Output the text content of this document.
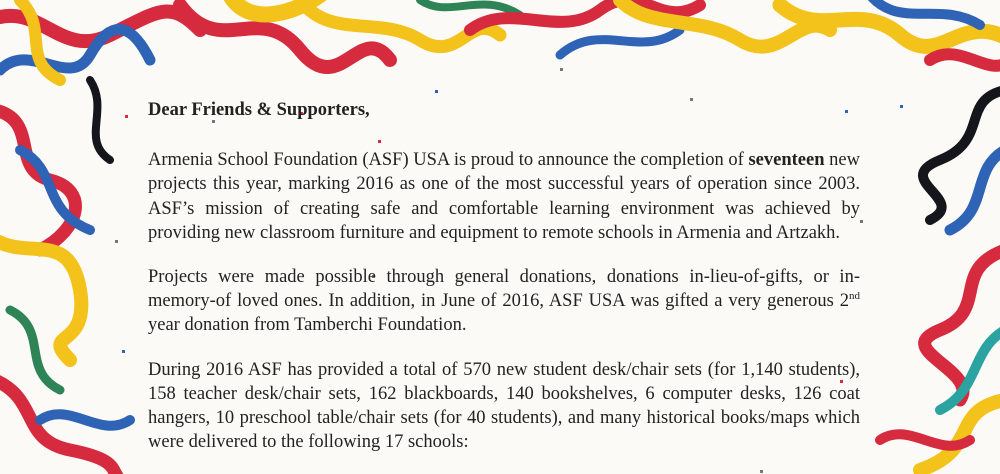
Dear Friends & Supporters,

Armenia School Foundation (ASF) USA is proud to announce the completion of seventeen new projects this year, marking 2016 as one of the most successful years of operation since 2003. ASF’s mission of creating safe and comfortable learning environment was achieved by providing new classroom furniture and equipment to remote schools in Armenia and Artzakh.

Projects were made possible through general donations, donations in-lieu-of-gifts, or in-memory-of loved ones. In addition, in June of 2016, ASF USA was gifted a very generous 2nd year donation from Tamberchi Foundation.

During 2016 ASF has provided a total of 570 new student desk/chair sets (for 1,140 students), 158 teacher desk/chair sets, 162 blackboards, 140 bookshelves, 6 computer desks, 126 coat hangers, 10 preschool table/chair sets (for 40 students), and many historical books/maps which were delivered to the following 17 schools:
